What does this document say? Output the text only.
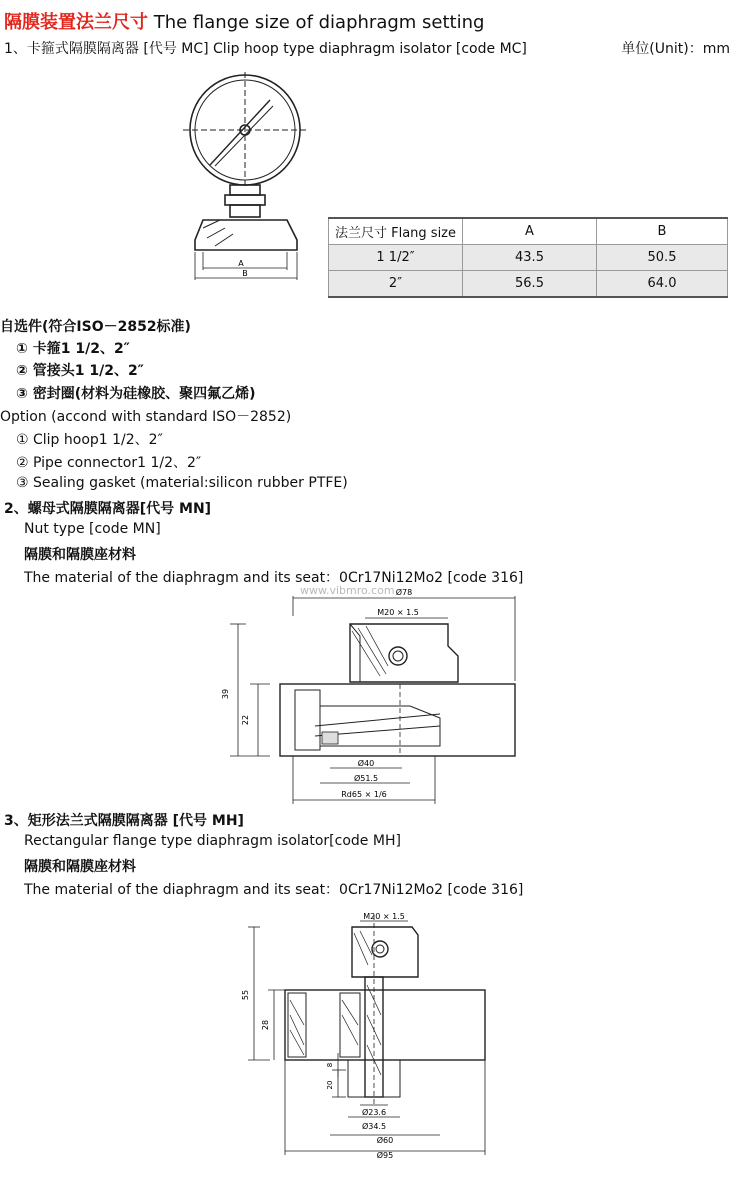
隔膜装置法兰尺寸 The flange size of diaphragm setting
1、卡箍式隔膜隔离器 [代号 MC] Clip hoop type diaphragm isolator [code MC]	单位(Unit)：mm
A
B
法兰尺寸 Flang size	A	B
1 1/2″	43.5	50.5
2″	56.5	64.0
自选件(符合ISO－2852标准)
① 卡箍1 1/2、2″
② 管接头1 1/2、2″
③ 密封圈(材料为硅橡胶、聚四氟乙烯)
Option (accond with standard ISO－2852)
① Clip hoop1 1/2、2″
② Pipe connector1 1/2、2″
③ Sealing gasket (material:silicon rubber PTFE)
2、螺母式隔膜隔离器[代号 MN]
Nut type [code MN]
隔膜和隔膜座材料
The material of the diaphragm and its seat：0Cr17Ni12Mo2 [code 316]
Ø78
M20 × 1.5
39
22
Ø40
Ø51.5
Rd65 × 1/6
www.vibmro.com
3、矩形法兰式隔膜隔离器 [代号 MH]
Rectangular flange type diaphragm isolator[code MH]
隔膜和隔膜座材料
The material of the diaphragm and its seat：0Cr17Ni12Mo2 [code 316]
M20 × 1.5
55
28
8
20
Ø23.6
Ø34.5
Ø60
Ø95
